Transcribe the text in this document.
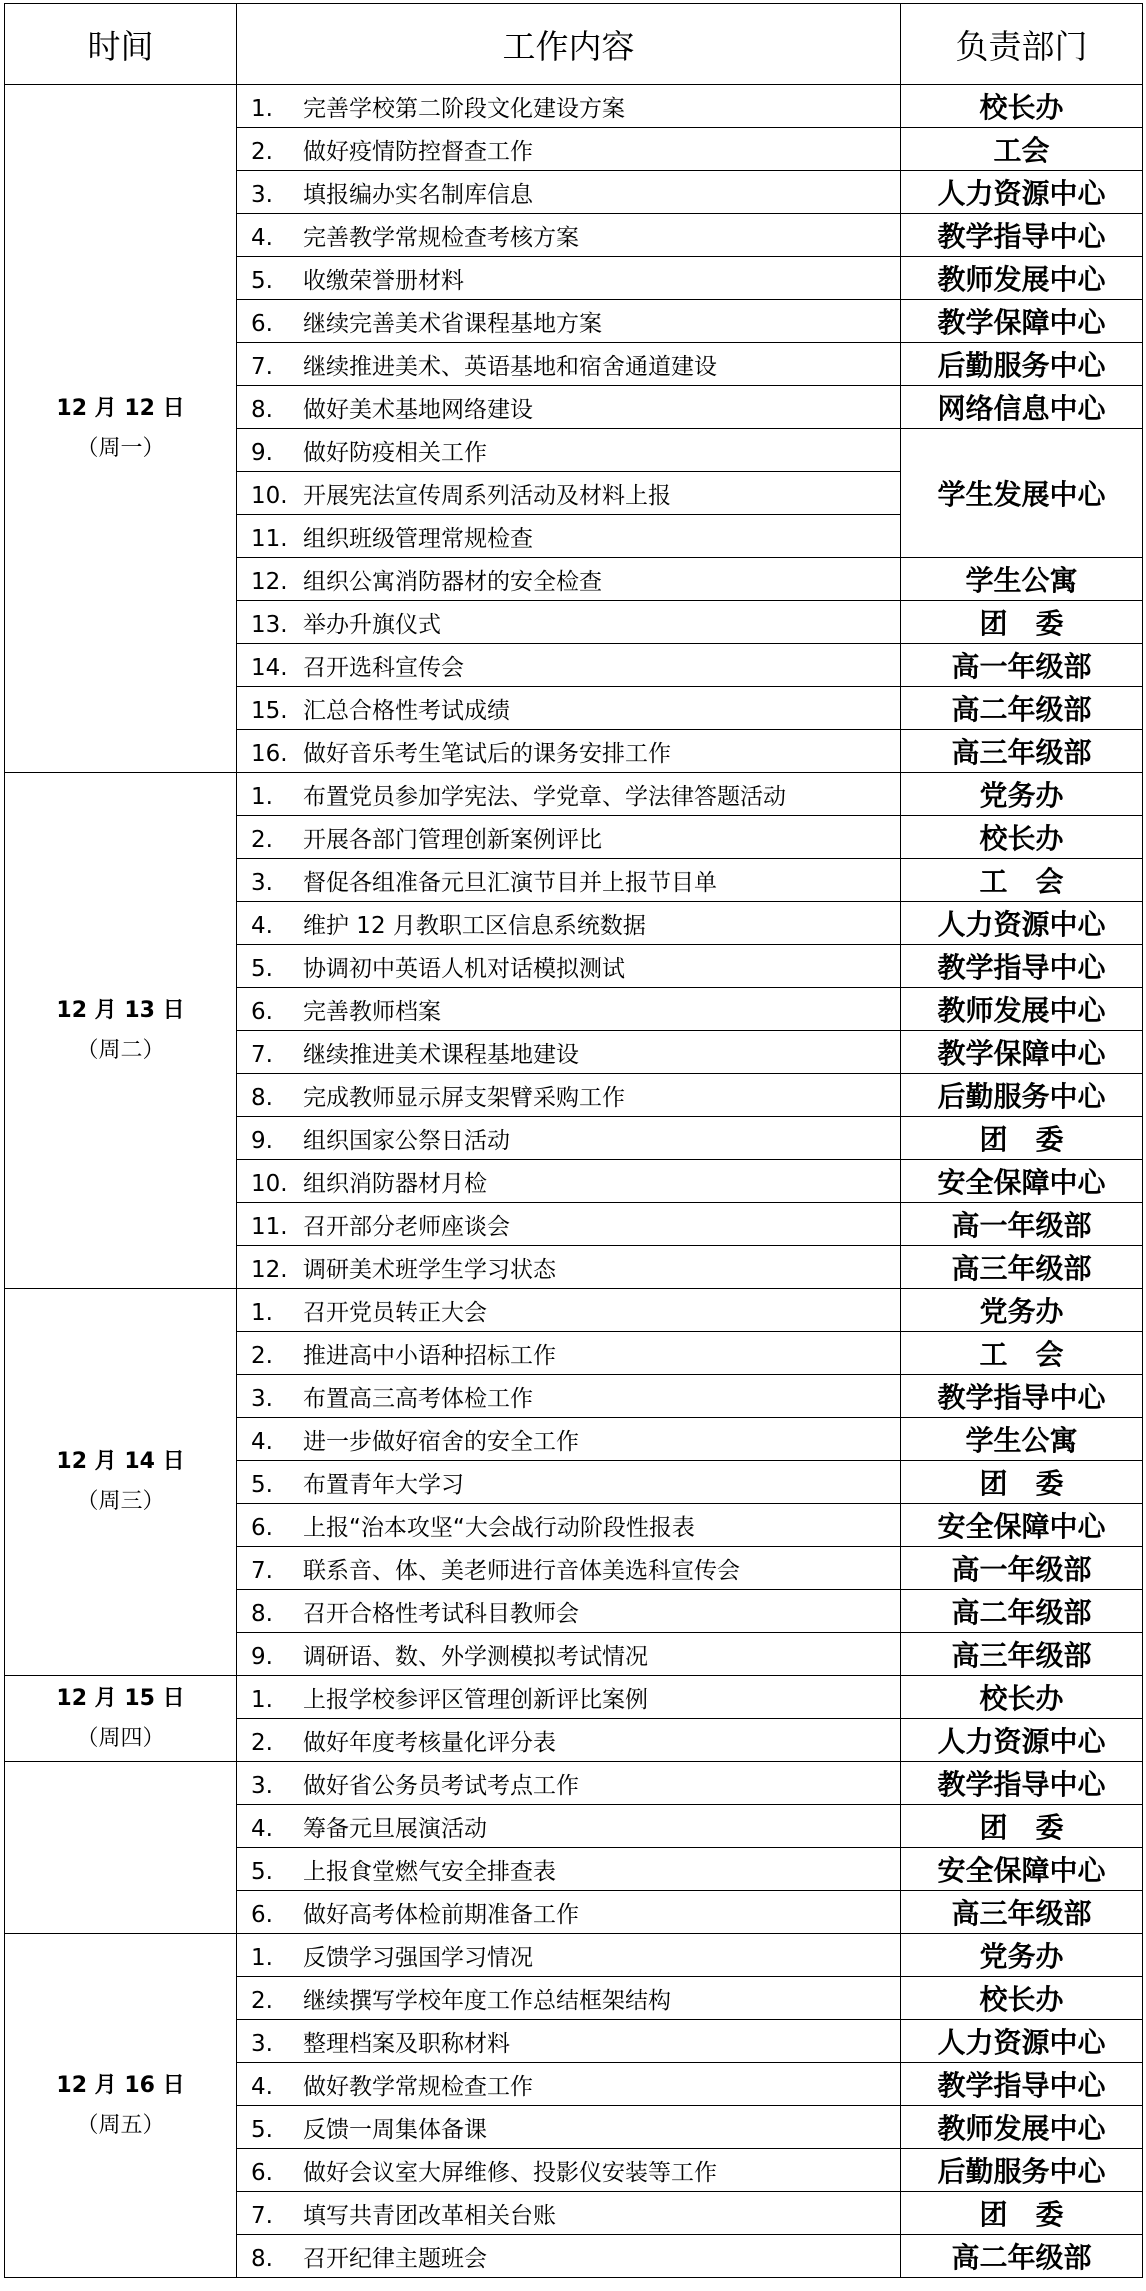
时间	工作内容	负责部门

12 月 12 日
（周一）	1. 完善学校第二阶段文化建设方案	校长办
	2. 做好疫情防控督查工作	工会
	3. 填报编办实名制库信息	人力资源中心
	4. 完善教学常规检查考核方案	教学指导中心
	5. 收缴荣誉册材料	教师发展中心
	6. 继续完善美术省课程基地方案	教学保障中心
	7. 继续推进美术、英语基地和宿舍通道建设	后勤服务中心
	8. 做好美术基地网络建设	网络信息中心
	9. 做好防疫相关工作	学生发展中心
	10. 开展宪法宣传周系列活动及材料上报	
	11. 组织班级管理常规检查	
	12. 组织公寓消防器材的安全检查	学生公寓
	13. 举办升旗仪式	团　委
	14. 召开选科宣传会	高一年级部
	15. 汇总合格性考试成绩	高二年级部
	16. 做好音乐考生笔试后的课务安排工作	高三年级部

12 月 13 日
（周二）	1. 布置党员参加学宪法、学党章、学法律答题活动	党务办
	2. 开展各部门管理创新案例评比	校长办
	3. 督促各组准备元旦汇演节目并上报节目单	工　会
	4. 维护 12 月教职工区信息系统数据	人力资源中心
	5. 协调初中英语人机对话模拟测试	教学指导中心
	6. 完善教师档案	教师发展中心
	7. 继续推进美术课程基地建设	教学保障中心
	8. 完成教师显示屏支架臂采购工作	后勤服务中心
	9. 组织国家公祭日活动	团　委
	10. 组织消防器材月检	安全保障中心
	11. 召开部分老师座谈会	高一年级部
	12. 调研美术班学生学习状态	高三年级部

12 月 14 日
（周三）	1. 召开党员转正大会	党务办
	2. 推进高中小语种招标工作	工　会
	3. 布置高三高考体检工作	教学指导中心
	4. 进一步做好宿舍的安全工作	学生公寓
	5. 布置青年大学习	团　委
	6. 上报“治本攻坚“大会战行动阶段性报表	安全保障中心
	7. 联系音、体、美老师进行音体美选科宣传会	高一年级部
	8. 召开合格性考试科目教师会	高二年级部
	9. 调研语、数、外学测模拟考试情况	高三年级部

12 月 15 日
（周四）	1. 上报学校参评区管理创新评比案例	校长办
	2. 做好年度考核量化评分表	人力资源中心

	3. 做好省公务员考试考点工作	教学指导中心
	4. 筹备元旦展演活动	团　委
	5. 上报食堂燃气安全排查表	安全保障中心
	6. 做好高考体检前期准备工作	高三年级部

12 月 16 日
（周五）	1. 反馈学习强国学习情况	党务办
	2. 继续撰写学校年度工作总结框架结构	校长办
	3. 整理档案及职称材料	人力资源中心
	4. 做好教学常规检查工作	教学指导中心
	5. 反馈一周集体备课	教师发展中心
	6. 做好会议室大屏维修、投影仪安装等工作	后勤服务中心
	7. 填写共青团改革相关台账	团　委
	8. 召开纪律主题班会	高二年级部
